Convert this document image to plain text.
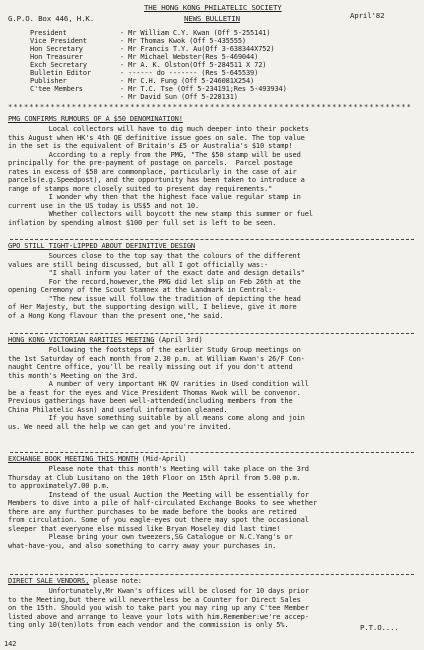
THE HONG KONG PHILATELIC SOCIETY
G.P.O. Box 446, H.K.	NEWS BULLETIN	April'82
President	- Mr William C.Y. Kwan (Off 5-255141)
Vice President	- Mr Thomas Kwok (Off 5-435555)
Hon Secretary	- Mr Francis T.Y. Au(Off 3-638344X752)
Hon Treasurer	- Mr Michael Webster(Res 5-469044)
Exch Secretary	- Mr A. K. Olston(Off 5-284511 X 72)
Bulletin Editor	- ------ do ------- (Res 5-645539)
Publisher	- Mr C.H. Fung (Off 5-246081X254)
C'tee Members	- Mr T.C. Tse (Off 5-234191;Res 5-493934)
- Mr David Sun (Off 5-228131)
****************************************************************************
PMG CONFIRMS RUMOURS OF A $50 DENOMINATION!
Local collectors will have to dig much deeper into their pockets
this August when HK's 4th QE definitive issue goes on sale. The top value
in the set is the equivalent of Britain's £5 or Australia's $10 stamp!
According to a reply from the PMG, "The $50 stamp will be used
principally for the pre-payment of postage on parcels.  Parcel postage
rates in excess of $50 are commonplace, particularly in the case of air
parcels(e.g.Speedpost), and the opportunity has been taken to introduce a
range of stamps more closely suited to present day requirements."
I wonder why then that the highest face value regular stamp in
current use in the US today is US$5 and not 10.
Whether collectors will boycott the new stamp this summer or fuel
inflation by spending almost $100 per full set is left to be seen.
GPO STILL TIGHT-LIPPED ABOUT DEFINITIVE DESIGN
Sources close to the top say that the colours of the different
values are still being discussed, but all I got officially was:-
"I shall inform you later of the exact date and design details"
For the record,however,the PMG did let slip on Feb 26th at the
opening Ceremony of the Scout Stamnex at the Landmark in Central:-
"The new issue will follow the tradition of depicting the head
of Her Majesty, but the supporting design will, I believe, give it more
of a Hong Kong flavour than the present one,"he said.
HONG KONG VICTORIAN RARITIES MEETING (April 3rd)
Following the footsteps of the earlier Study Group meetings on
the 1st Saturday of each month from 2.30 p.m. at William Kwan's 26/F Con-
naught Centre office, you'll be really missing out if you don't attend
this month's Meeting on the 3rd.
A number of very important HK QV rarities in Used condition will
be a feast for the eyes and Vice President Thomas Kwok will be convenor.
Previous gatherings have been well-attended(including members from the
China Philatelic Assn) and useful information gleaned.
If you have something suitable by all means come along and join
us. We need all the help we can get and you're invited.
EXCHANGE BOOK MEETING THIS MONTH (Mid-April)
Please note that this month's Meeting will take place on the 3rd
Thursday at Club Lusitano on the 10th Floor on 15th April from 5.00 p.m.
to approximately7.00 p.m.
Instead of the usual Auction the Meeting will be essentially for
Members to dive into a pile of half-circulated Exchange Books to see whether
there are any further purchases to be made before the books are retired
from circulation. Some of you eagle-eyes out there may spot the occasional
sleeper that everyone else missed like Bryan Moseley did last time!
Please bring your own tweezers,SG Catalogue or N.C.Yang's or
what-have-you, and also something to carry away your purchases in.
DIRECT SALE VENDORS, please note:
Unfortunately,Mr Kwan's offices will be closed for 10 days prior
to the Meeting,but there will nevertheless be a Counter for Direct Sales
on the 15th. Should you wish to take part you may ring up any C'tee Member
listed above and arrange to leave your lots with him.Remember:we're accep-
ting only 10(ten)lots from each vendor and the commission is only 5%.	P.T.O....
142
